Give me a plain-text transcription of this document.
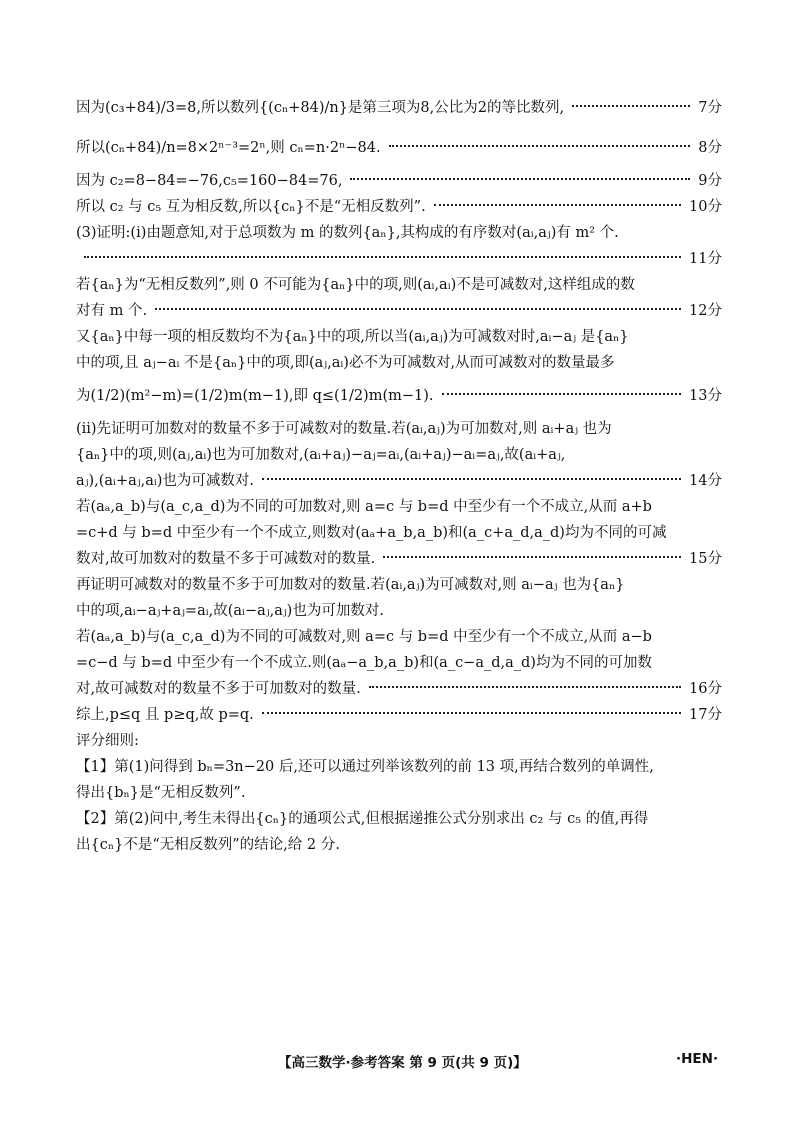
因为(c₃+84)/3=8,所以数列{(cₙ+84)/n}是第三项为8,公比为2的等比数列,	7分
所以(cₙ+84)/n=8×2ⁿ⁻³=2ⁿ,则 cₙ=n·2ⁿ−84.	8分
因为 c₂=8−84=−76,c₅=160−84=76,	9分
所以 c₂ 与 c₅ 互为相反数,所以{cₙ}不是“无相反数列”.	10分
(3)证明:(ⅰ)由题意知,对于总项数为 m 的数列{aₙ},其构成的有序数对(aᵢ,aⱼ)有 m² 个.
11分
若{aₙ}为“无相反数列”,则 0 不可能为{aₙ}中的项,则(aᵢ,aᵢ)不是可减数对,这样组成的数
对有 m 个.	12分
又{aₙ}中每一项的相反数均不为{aₙ}中的项,所以当(aᵢ,aⱼ)为可减数对时,aᵢ−aⱼ 是{aₙ}
中的项,且 aⱼ−aᵢ 不是{aₙ}中的项,即(aⱼ,aᵢ)必不为可减数对,从而可减数对的数量最多
为(1/2)(m²−m)=(1/2)m(m−1),即 q≤(1/2)m(m−1).	13分
(ⅱ)先证明可加数对的数量不多于可减数对的数量.若(aᵢ,aⱼ)为可加数对,则 aᵢ+aⱼ 也为
{aₙ}中的项,则(aⱼ,aᵢ)也为可加数对,(aᵢ+aⱼ)−aⱼ=aᵢ,(aᵢ+aⱼ)−aᵢ=aⱼ,故(aᵢ+aⱼ,
aⱼ),(aᵢ+aⱼ,aᵢ)也为可减数对.	14分
若(aₐ,a_b)与(a_c,a_d)为不同的可加数对,则 a=c 与 b=d 中至少有一个不成立,从而 a+b
=c+d 与 b=d 中至少有一个不成立,则数对(aₐ+a_b,a_b)和(a_c+a_d,a_d)均为不同的可减
数对,故可加数对的数量不多于可减数对的数量.	15分
再证明可减数对的数量不多于可加数对的数量.若(aᵢ,aⱼ)为可减数对,则 aᵢ−aⱼ 也为{aₙ}
中的项,aᵢ−aⱼ+aⱼ=aᵢ,故(aᵢ−aⱼ,aⱼ)也为可加数对.
若(aₐ,a_b)与(a_c,a_d)为不同的可减数对,则 a=c 与 b=d 中至少有一个不成立,从而 a−b
=c−d 与 b=d 中至少有一个不成立.则(aₐ−a_b,a_b)和(a_c−a_d,a_d)均为不同的可加数
对,故可减数对的数量不多于可加数对的数量.	16分
综上,p≤q 且 p≥q,故 p=q.	17分
评分细则:
【1】第(1)问得到 bₙ=3n−20 后,还可以通过列举该数列的前 13 项,再结合数列的单调性,
得出{bₙ}是“无相反数列”.
【2】第(2)问中,考生未得出{cₙ}的通项公式,但根据递推公式分别求出 c₂ 与 c₅ 的值,再得
出{cₙ}不是“无相反数列”的结论,给 2 分.
【高三数学·参考答案 第 9 页(共 9 页)】	·HEN·
